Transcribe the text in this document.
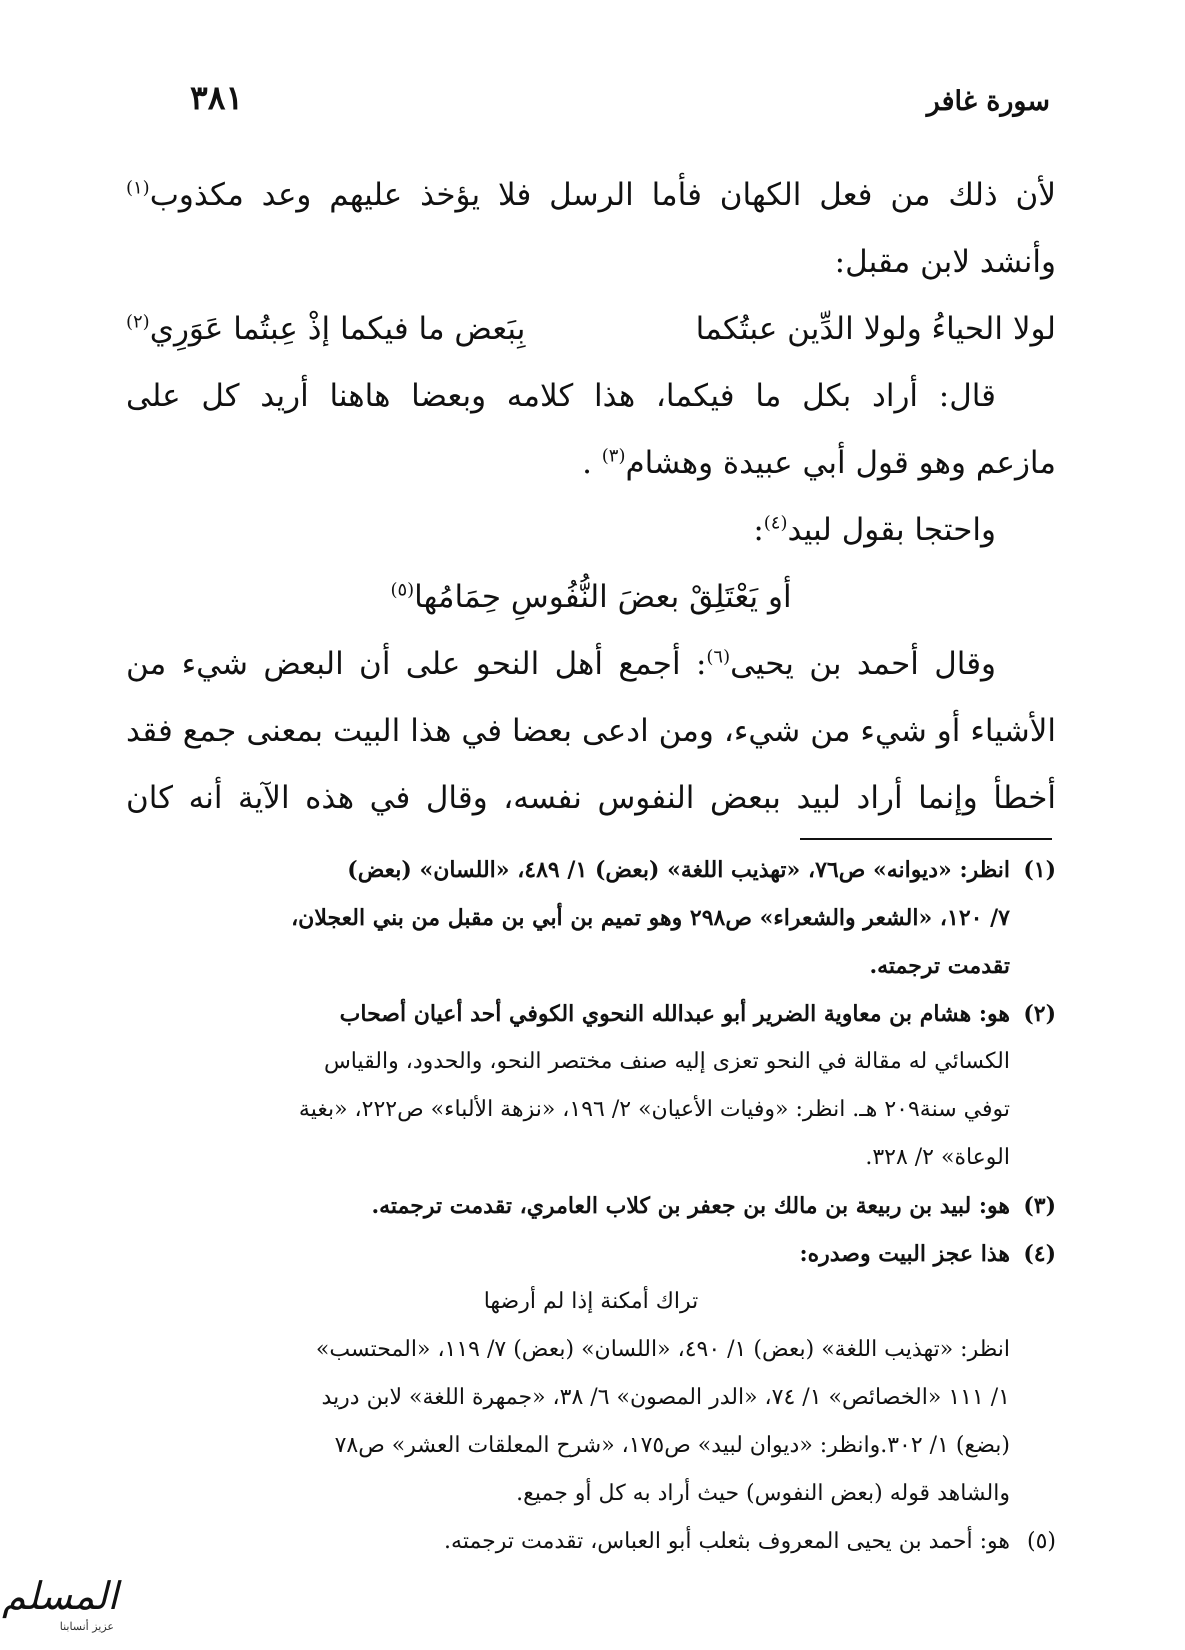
سورة غافر
٣٨١
لأن ذلك من فعل الكهان فأما الرسل فلا يؤخذ عليهم وعد مكذوب$^{(١)}$
وأنشد لابن مقبل:
لولا الحياءُ ولولا الدِّين عبتُكما
بِبَعض ما فيكما إذْ عِبتُما عَوَرِي$^{(٢)}$
قال: أراد بكل ما فيكما، هذا كلامه وبعضا هاهنا أريد كل على
مازعم وهو قول أبي عبيدة وهشام$^{(٣)}$ .
واحتجا بقول لبيد$^{(٤)}$:
أو يَعْتَلِقْ بعضَ النُّفُوسِ حِمَامُها$^{(٥)}$
وقال أحمد بن يحيى$^{(٦)}$: أجمع أهل النحو على أن البعض شيء من
الأشياء أو شيء من شيء، ومن ادعى بعضا في هذا البيت بمعنى جمع فقد
أخطأ وإنما أراد لبيد ببعض النفوس نفسه، وقال في هذه الآية أنه كان
(١)انظر: «ديوانه» ص٧٦، «تهذيب اللغة» (بعض) ١/ ٤٨٩، «اللسان» (بعض)
٧/ ١٢٠، «الشعر والشعراء» ص٢٩٨ وهو تميم بن أبي بن مقبل من بني العجلان،
تقدمت ترجمته.
(٢)هو: هشام بن معاوية الضرير أبو عبدالله النحوي الكوفي أحد أعيان أصحاب
الكسائي له مقالة في النحو تعزى إليه صنف مختصر النحو، والحدود، والقياس
توفي سنة٢٠٩ هـ. انظر: «وفيات الأعيان» ٢/ ١٩٦، «نزهة الألباء» ص٢٢٢، «بغية
الوعاة» ٢/ ٣٢٨.
(٣)هو: لبيد بن ربيعة بن مالك بن جعفر بن كلاب العامري، تقدمت ترجمته.
(٤)هذا عجز البيت وصدره:
تراك أمكنة إذا لم أرضها
انظر: «تهذيب اللغة» (بعض) ١/ ٤٩٠، «اللسان» (بعض) ٧/ ١١٩، «المحتسب»
١/ ١١١ «الخصائص» ١/ ٧٤، «الدر المصون» ٦/ ٣٨، «جمهرة اللغة» لابن دريد
(بضع) ١/ ٣٠٢.وانظر: «ديوان لبيد» ص١٧٥، «شرح المعلقات العشر» ص٧٨
والشاهد قوله (بعض النفوس) حيث أراد به كل أو جميع.
(٥)هو: أحمد بن يحيى المعروف بثعلب أبو العباس، تقدمت ترجمته.
المسلم
عزيز أنسابنا
